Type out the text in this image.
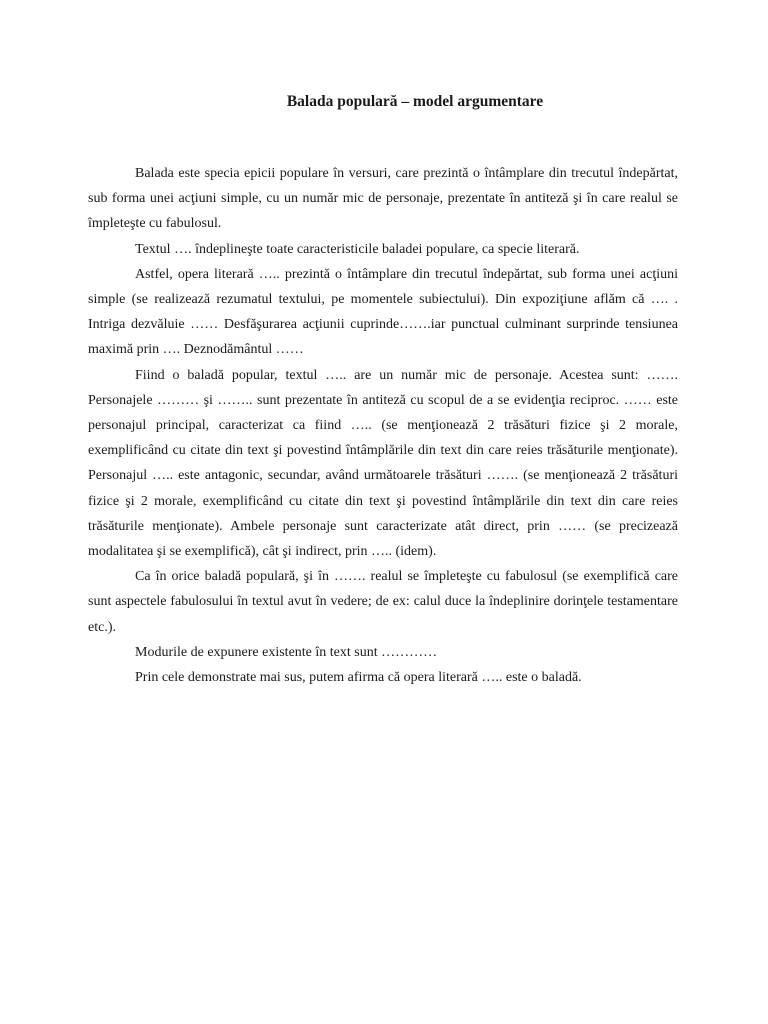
Balada populară – model argumentare

Balada este specia epicii populare în versuri, care prezintă o întâmplare din trecutul îndepărtat, sub forma unei acţiuni simple, cu un număr mic de personaje, prezentate în antiteză şi în care realul se împleteşte cu fabulosul.

Textul …. îndeplineşte toate caracteristicile baladei populare, ca specie literară.

Astfel, opera literară ….. prezintă o întâmplare din trecutul îndepărtat, sub forma unei acţiuni simple (se realizează rezumatul textului, pe momentele subiectului). Din expoziţiune aflăm că …. . Intriga dezvăluie …… Desfăşurarea acţiunii cuprinde…….iar punctual culminant surprinde tensiunea maximă prin …. Deznodământul ……

Fiind o baladă popular, textul ….. are un număr mic de personaje. Acestea sunt: ……. Personajele ……… şi …….. sunt prezentate în antiteză cu scopul de a se evidenţia reciproc. …… este personajul principal, caracterizat ca fiind ….. (se menţionează 2 trăsături fizice şi 2 morale, exemplificând cu citate din text şi povestind întâmplările din text din care reies trăsăturile menţionate). Personajul ….. este antagonic, secundar, având următoarele trăsături ……. (se menţionează 2 trăsături fizice şi 2 morale, exemplificând cu citate din text şi povestind întâmplările din text din care reies trăsăturile menţionate). Ambele personaje sunt caracterizate atât direct, prin …… (se precizează modalitatea şi se exemplifică), cât şi indirect, prin ….. (idem).

Ca în orice baladă populară, şi în ……. realul se împleteşte cu fabulosul (se exemplifică care sunt aspectele fabulosului în textul avut în vedere; de ex: calul duce la îndeplinire dorinţele testamentare etc.).

Modurile de expunere existente în text sunt …………

Prin cele demonstrate mai sus, putem afirma că opera literară ….. este o baladă.
